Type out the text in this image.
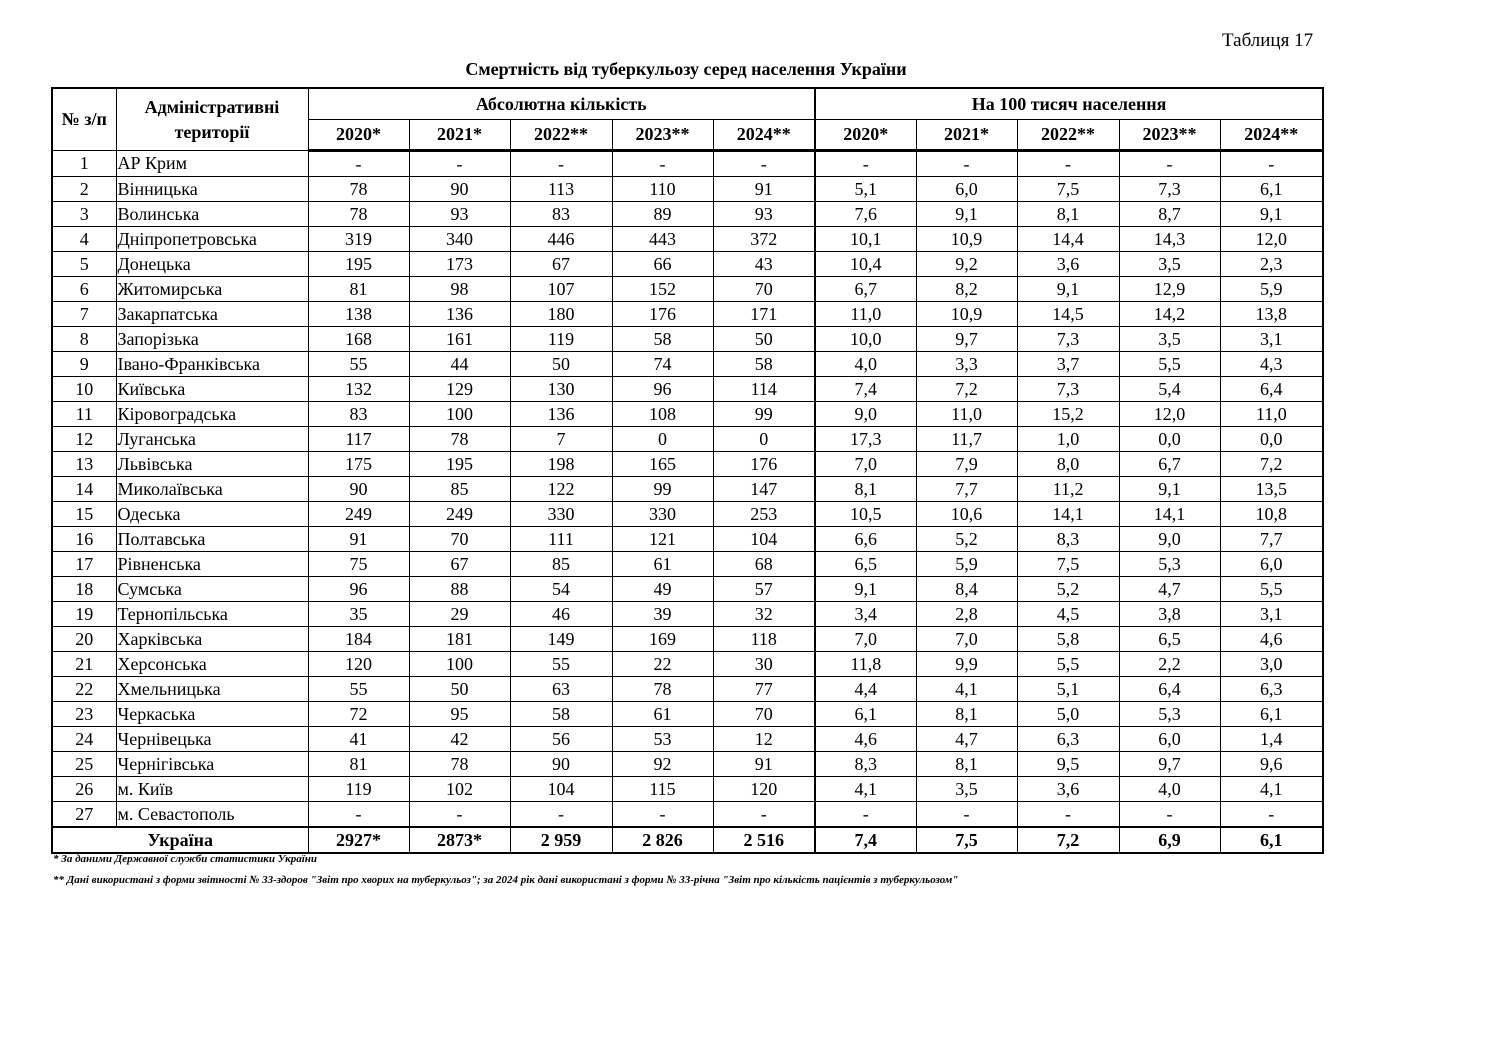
Таблиця 17
Смертність від туберкульозу серед населення України
№ з/п	Адміністративні території	Абсолютна кількість					На 100 тисяч населення				
		2020*	2021*	2022**	2023**	2024**	2020*	2021*	2022**	2023**	2024**
1	АР Крим	-	-	-	-	-	-	-	-	-	-
2	Вінницька	78	90	113	110	91	5,1	6,0	7,5	7,3	6,1
3	Волинська	78	93	83	89	93	7,6	9,1	8,1	8,7	9,1
4	Дніпропетровська	319	340	446	443	372	10,1	10,9	14,4	14,3	12,0
5	Донецька	195	173	67	66	43	10,4	9,2	3,6	3,5	2,3
6	Житомирська	81	98	107	152	70	6,7	8,2	9,1	12,9	5,9
7	Закарпатська	138	136	180	176	171	11,0	10,9	14,5	14,2	13,8
8	Запорізька	168	161	119	58	50	10,0	9,7	7,3	3,5	3,1
9	Івано-Франківська	55	44	50	74	58	4,0	3,3	3,7	5,5	4,3
10	Київська	132	129	130	96	114	7,4	7,2	7,3	5,4	6,4
11	Кіровоградська	83	100	136	108	99	9,0	11,0	15,2	12,0	11,0
12	Луганська	117	78	7	0	0	17,3	11,7	1,0	0,0	0,0
13	Львівська	175	195	198	165	176	7,0	7,9	8,0	6,7	7,2
14	Миколаївська	90	85	122	99	147	8,1	7,7	11,2	9,1	13,5
15	Одеська	249	249	330	330	253	10,5	10,6	14,1	14,1	10,8
16	Полтавська	91	70	111	121	104	6,6	5,2	8,3	9,0	7,7
17	Рівненська	75	67	85	61	68	6,5	5,9	7,5	5,3	6,0
18	Сумська	96	88	54	49	57	9,1	8,4	5,2	4,7	5,5
19	Тернопільська	35	29	46	39	32	3,4	2,8	4,5	3,8	3,1
20	Харківська	184	181	149	169	118	7,0	7,0	5,8	6,5	4,6
21	Херсонська	120	100	55	22	30	11,8	9,9	5,5	2,2	3,0
22	Хмельницька	55	50	63	78	77	4,4	4,1	5,1	6,4	6,3
23	Черкаська	72	95	58	61	70	6,1	8,1	5,0	5,3	6,1
24	Чернівецька	41	42	56	53	12	4,6	4,7	6,3	6,0	1,4
25	Чернігівська	81	78	90	92	91	8,3	8,1	9,5	9,7	9,6
26	м. Київ	119	102	104	115	120	4,1	3,5	3,6	4,0	4,1
27	м. Севастополь	-	-	-	-	-	-	-	-	-	-
Україна		2927*	2873*	2 959	2 826	2 516	7,4	7,5	7,2	6,9	6,1
* За даними Державної служби статистики України
** Дані використані з форми звітності № 33-здоров "Звіт про хворих на туберкульоз"; за 2024 рік дані використані з форми № 33-річна "Звіт про кількість пацієнтів з туберкульозом"
